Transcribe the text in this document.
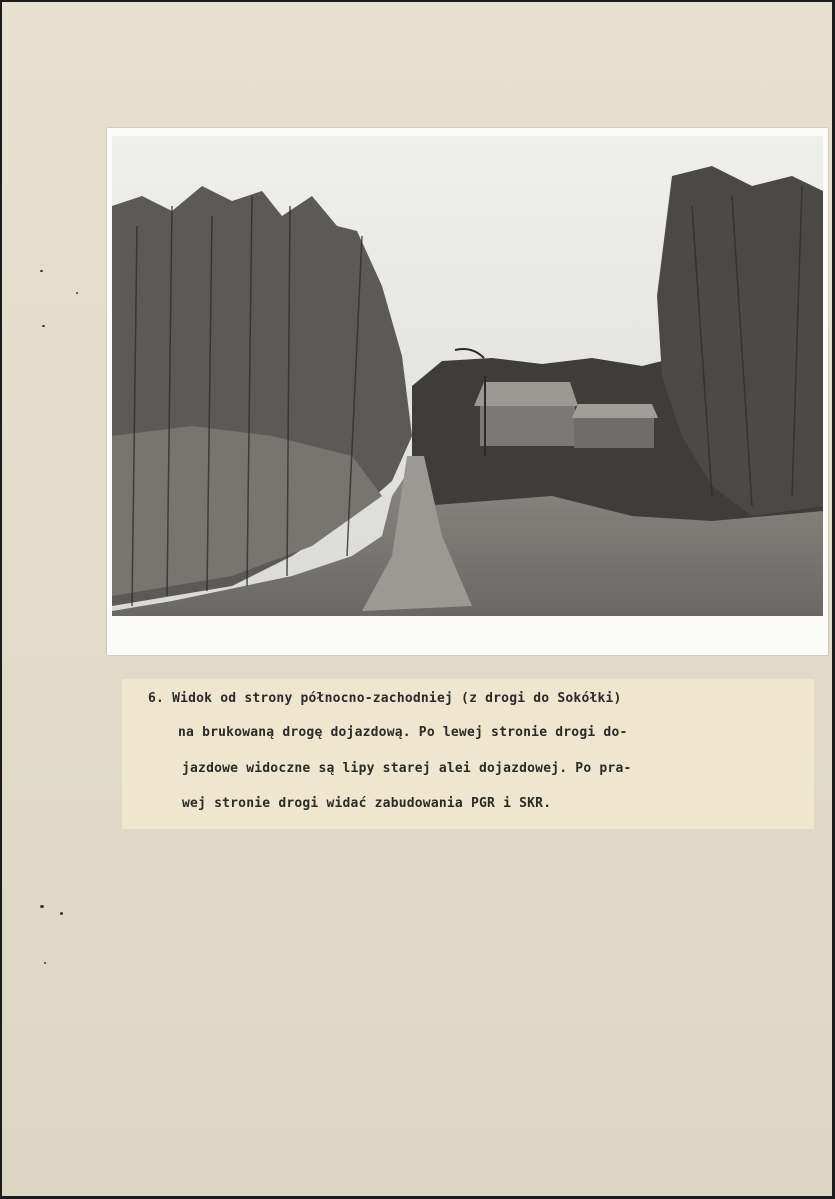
6. Widok od strony północno-zachodniej (z drogi do Sokółki)
na brukowaną drogę dojazdową. Po lewej stronie drogi do-
jazdowe widoczne są lipy starej alei dojazdowej. Po pra-
wej stronie drogi widać zabudowania PGR i SKR.
